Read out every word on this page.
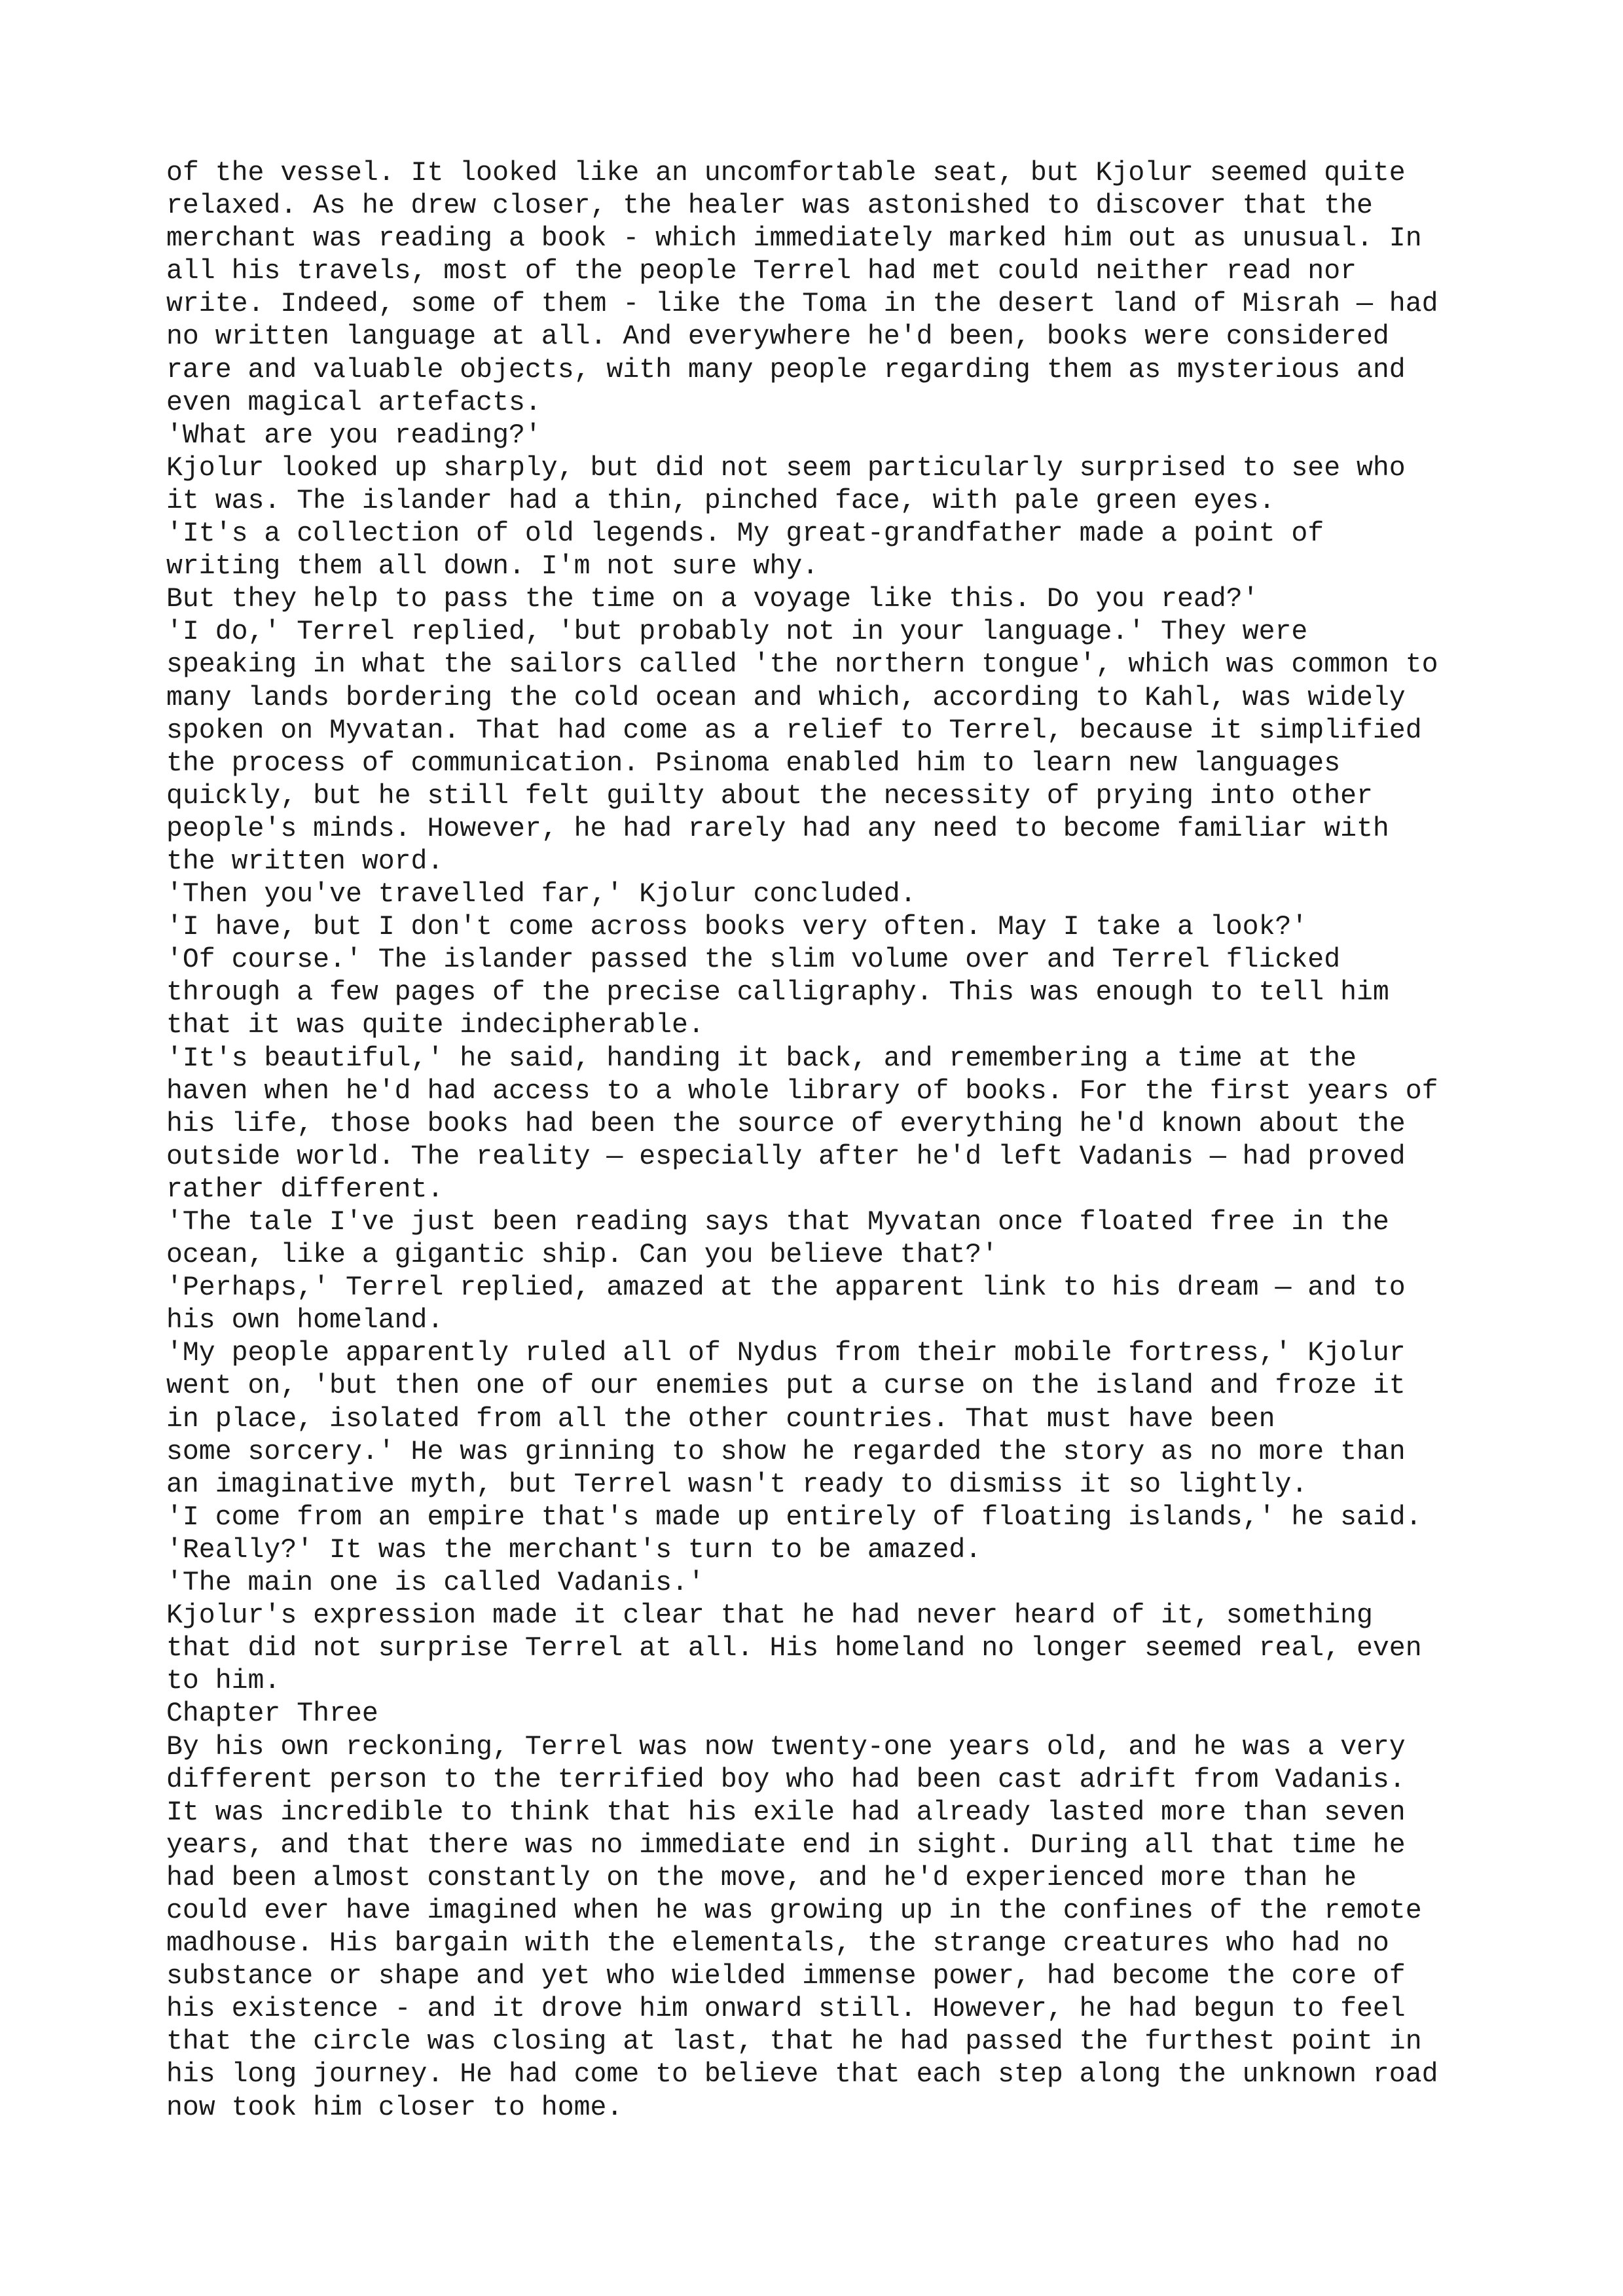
of the vessel. It looked like an uncomfortable seat, but Kjolur seemed quite
relaxed. As he drew closer, the healer was astonished to discover that the
merchant was reading a book - which immediately marked him out as unusual. In
all his travels, most of the people Terrel had met could neither read nor
write. Indeed, some of them - like the Toma in the desert land of Misrah — had
no written language at all. And everywhere he'd been, books were considered
rare and valuable objects, with many people regarding them as mysterious and
even magical artefacts.
'What are you reading?'
Kjolur looked up sharply, but did not seem particularly surprised to see who
it was. The islander had a thin, pinched face, with pale green eyes.
'It's a collection of old legends. My great-grandfather made a point of
writing them all down. I'm not sure why.
But they help to pass the time on a voyage like this. Do you read?'
'I do,' Terrel replied, 'but probably not in your language.' They were
speaking in what the sailors called 'the northern tongue', which was common to
many lands bordering the cold ocean and which, according to Kahl, was widely
spoken on Myvatan. That had come as a relief to Terrel, because it simplified
the process of communication. Psinoma enabled him to learn new languages
quickly, but he still felt guilty about the necessity of prying into other
people's minds. However, he had rarely had any need to become familiar with
the written word.
'Then you've travelled far,' Kjolur concluded.
'I have, but I don't come across books very often. May I take a look?'
'Of course.' The islander passed the slim volume over and Terrel flicked
through a few pages of the precise calligraphy. This was enough to tell him
that it was quite indecipherable.
'It's beautiful,' he said, handing it back, and remembering a time at the
haven when he'd had access to a whole library of books. For the first years of
his life, those books had been the source of everything he'd known about the
outside world. The reality — especially after he'd left Vadanis — had proved
rather different.
'The tale I've just been reading says that Myvatan once floated free in the
ocean, like a gigantic ship. Can you believe that?'
'Perhaps,' Terrel replied, amazed at the apparent link to his dream — and to
his own homeland.
'My people apparently ruled all of Nydus from their mobile fortress,' Kjolur
went on, 'but then one of our enemies put a curse on the island and froze it
in place, isolated from all the other countries. That must have been
some sorcery.' He was grinning to show he regarded the story as no more than
an imaginative myth, but Terrel wasn't ready to dismiss it so lightly.
'I come from an empire that's made up entirely of floating islands,' he said.
'Really?' It was the merchant's turn to be amazed.
'The main one is called Vadanis.'
Kjolur's expression made it clear that he had never heard of it, something
that did not surprise Terrel at all. His homeland no longer seemed real, even
to him.
Chapter Three
By his own reckoning, Terrel was now twenty-one years old, and he was a very
different person to the terrified boy who had been cast adrift from Vadanis.
It was incredible to think that his exile had already lasted more than seven
years, and that there was no immediate end in sight. During all that time he
had been almost constantly on the move, and he'd experienced more than he
could ever have imagined when he was growing up in the confines of the remote
madhouse. His bargain with the elementals, the strange creatures who had no
substance or shape and yet who wielded immense power, had become the core of
his existence - and it drove him onward still. However, he had begun to feel
that the circle was closing at last, that he had passed the furthest point in
his long journey. He had come to believe that each step along the unknown road
now took him closer to home.
